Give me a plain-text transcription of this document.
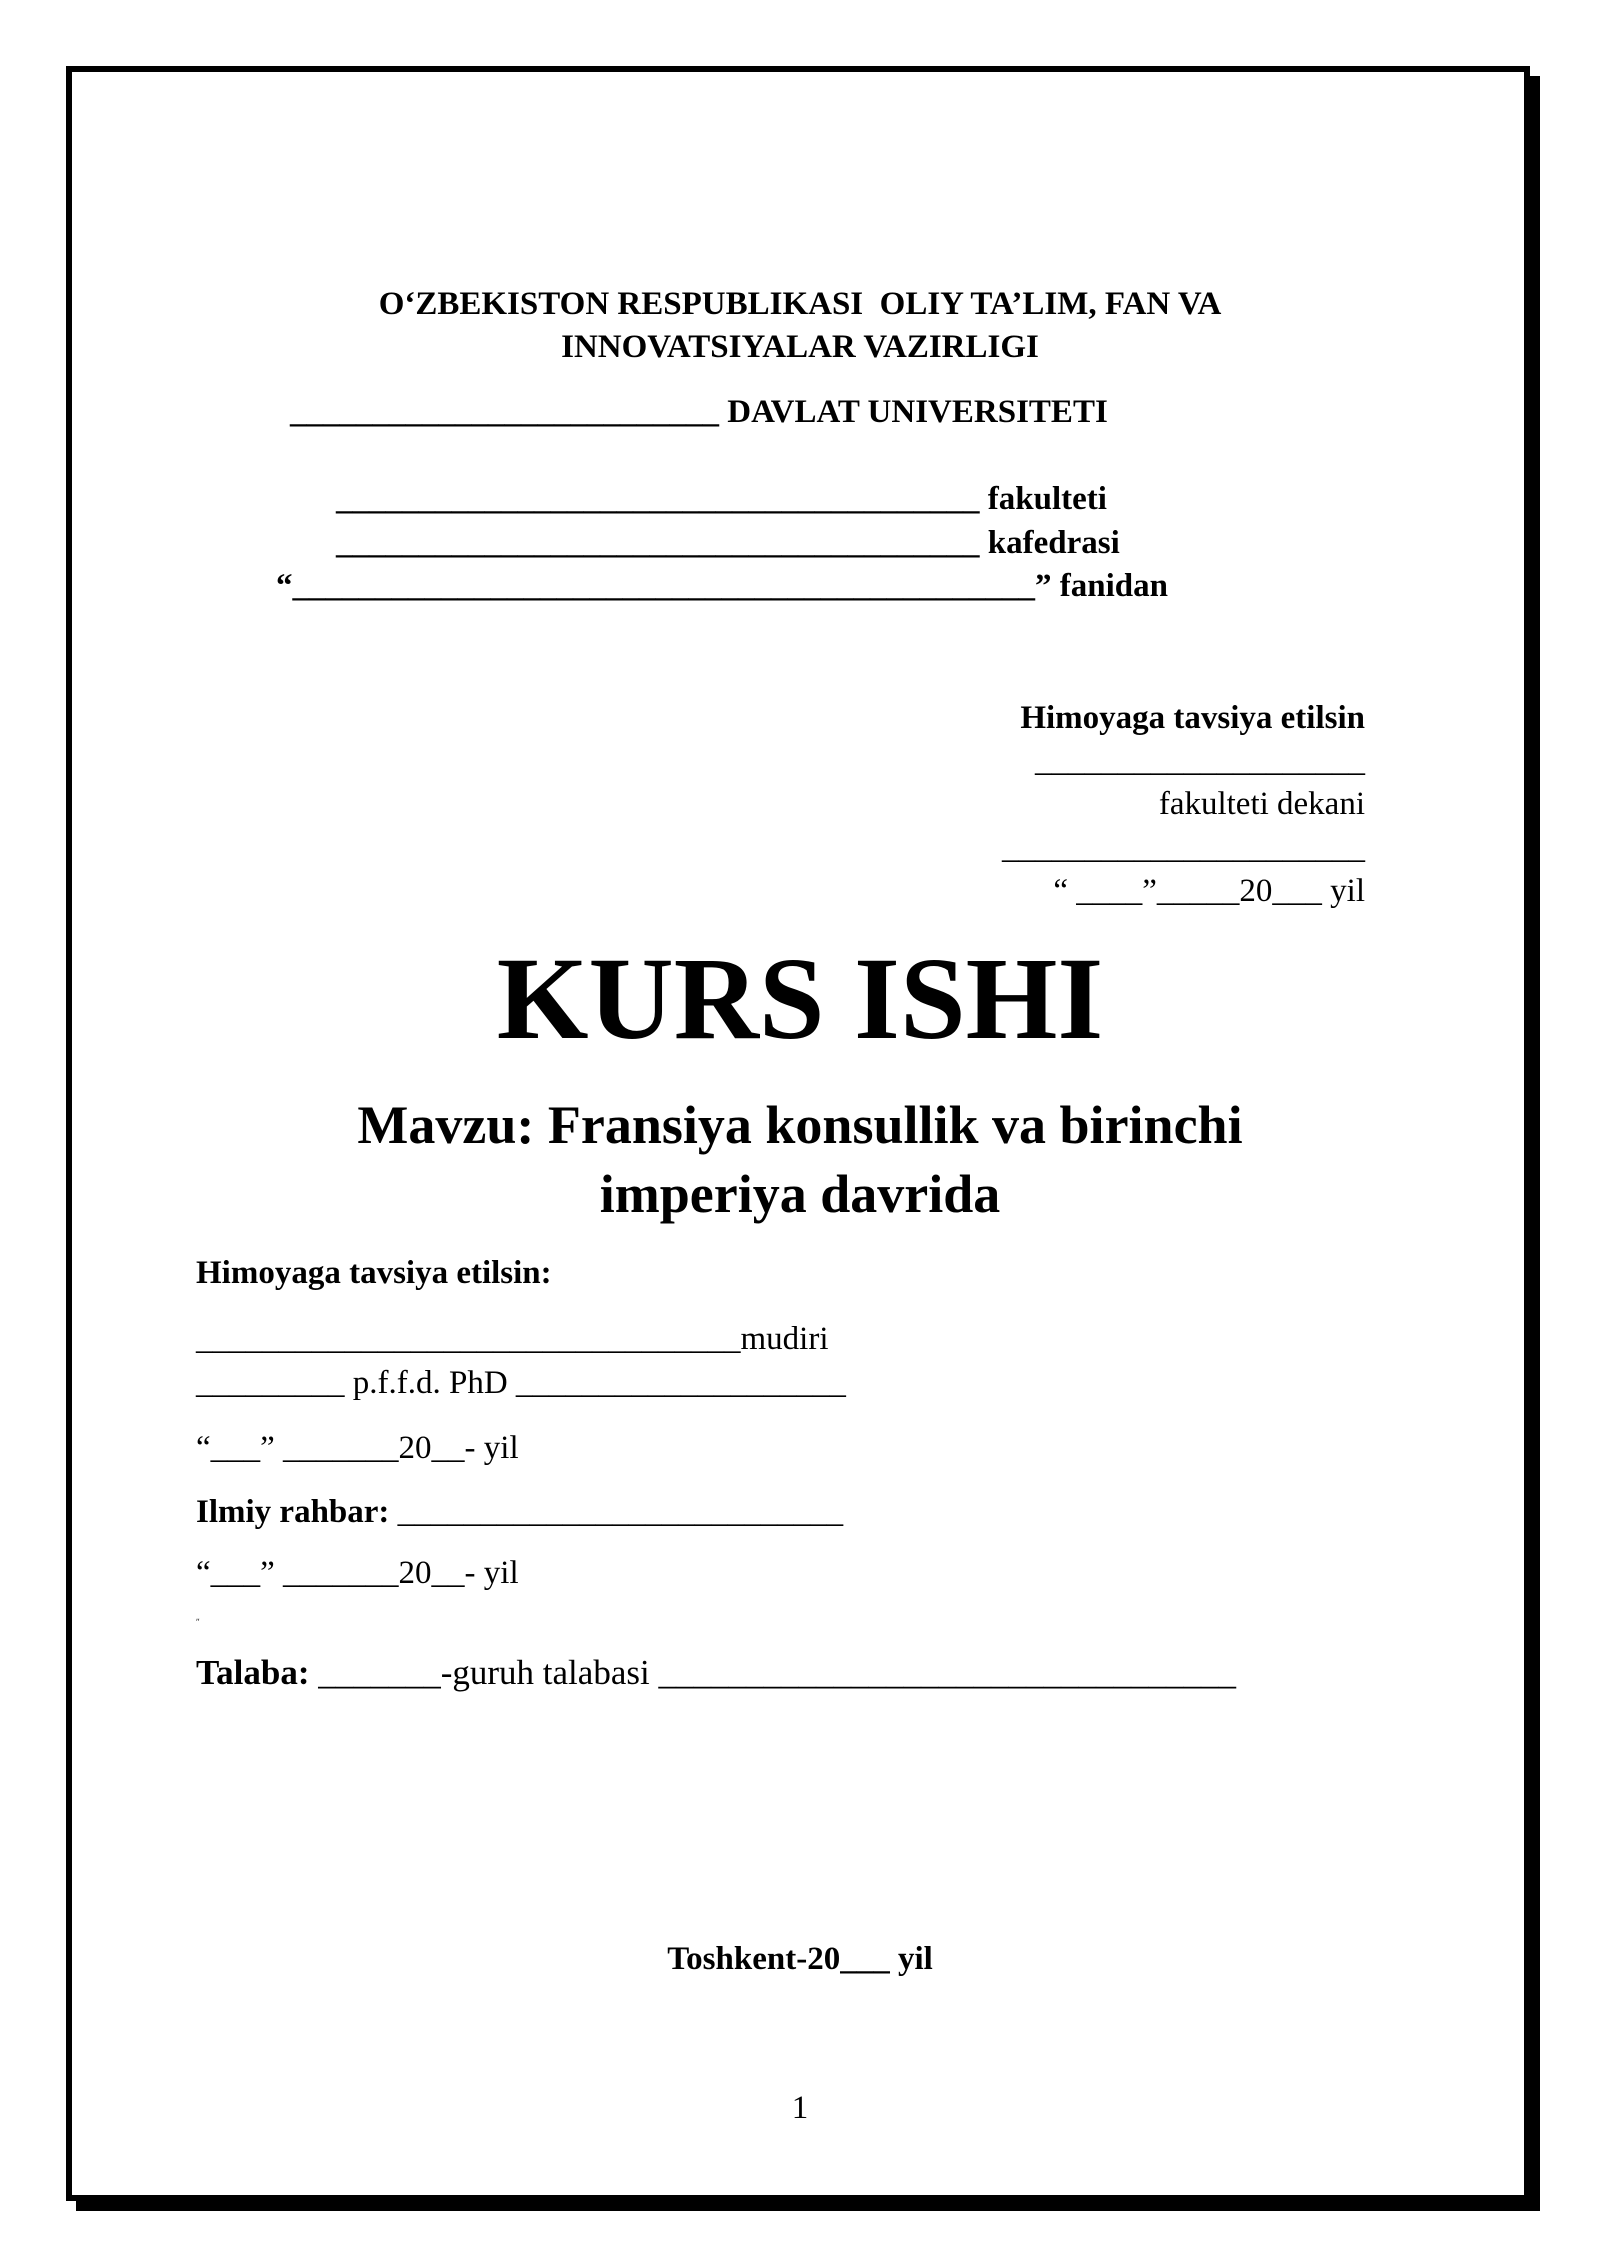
O‘ZBEKISTON RESPUBLIKASI  OLIY TA’LIM, FAN VA
INNOVATSIYALAR VAZIRLIGI
__________________________ DAVLAT UNIVERSITETI
_______________________________________ fakulteti
_______________________________________ kafedrasi
“_____________________________________________” fanidan
Himoyaga tavsiya etilsin
____________________
fakulteti dekani
______________________
“ ____”_____20___ yil
KURS ISHI
Mavzu: Fransiya konsullik va birinchi
imperiya davrida
Himoyaga tavsiya etilsin:
_________________________________mudiri
_________ p.f.f.d. PhD ____________________
“___” _______20__- yil
Ilmiy rahbar: ___________________________
“___” _______20__- yil
ʺ
Talaba: _______-guruh talabasi _________________________________
Toshkent-20___ yil
1
